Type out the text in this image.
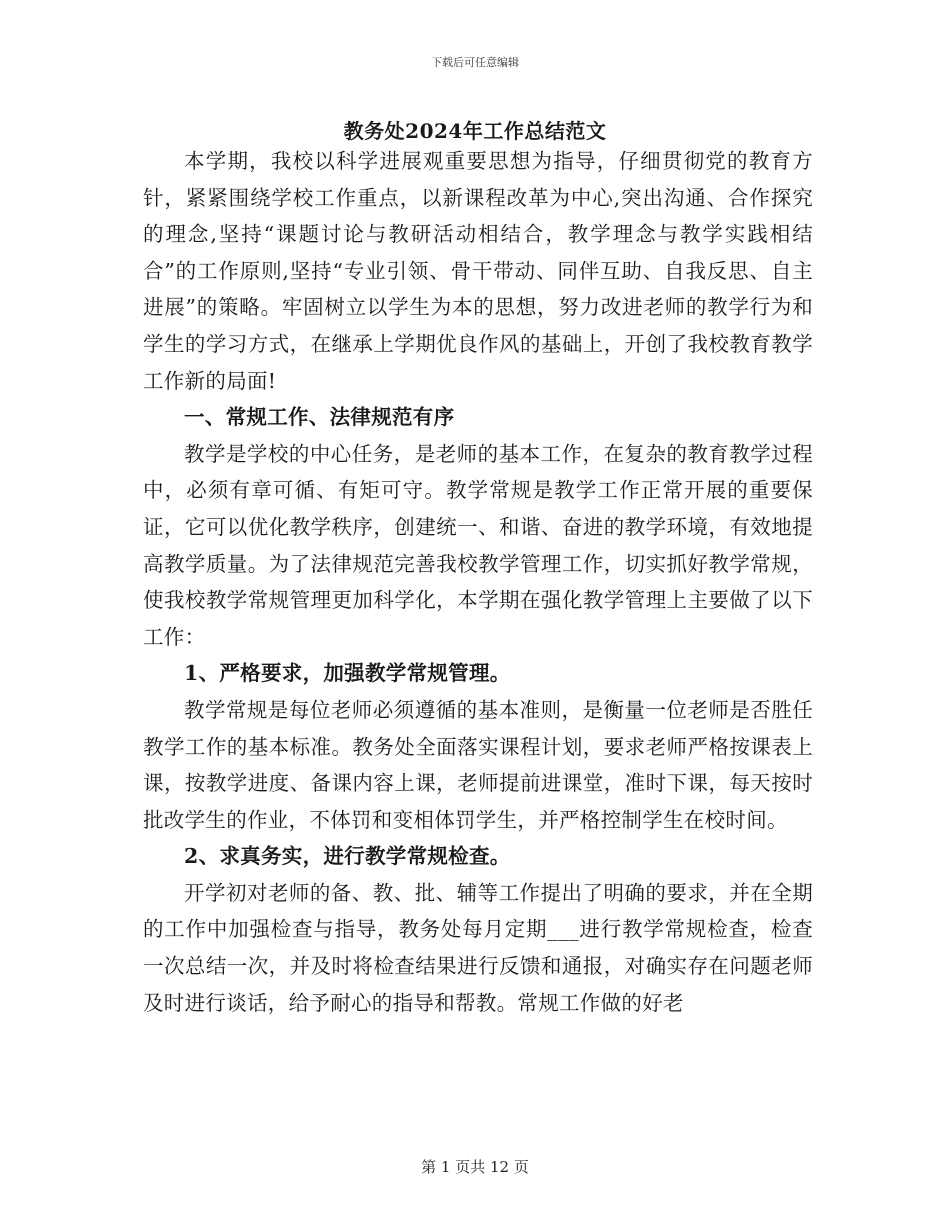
下载后可任意编辑
教务处2024年工作总结范文

本学期，我校以科学进展观重要思想为指导，仔细贯彻党的教育方针，紧紧围绕学校工作重点，以新课程改革为中心,突出沟通、合作探究的理念,坚持“课题讨论与教研活动相结合，教学理念与教学实践相结合”的工作原则,坚持“专业引领、骨干带动、同伴互助、自我反思、自主进展”的策略。牢固树立以学生为本的思想，努力改进老师的教学行为和学生的学习方式，在继承上学期优良作风的基础上，开创了我校教育教学工作新的局面!

一、常规工作、法律规范有序

教学是学校的中心任务，是老师的基本工作，在复杂的教育教学过程中，必须有章可循、有矩可守。教学常规是教学工作正常开展的重要保证，它可以优化教学秩序，创建统一、和谐、奋进的教学环境，有效地提高教学质量。为了法律规范完善我校教学管理工作，切实抓好教学常规，使我校教学常规管理更加科学化，本学期在强化教学管理上主要做了以下工作：

1、严格要求，加强教学常规管理。

教学常规是每位老师必须遵循的基本准则，是衡量一位老师是否胜任教学工作的基本标准。教务处全面落实课程计划，要求老师严格按课表上课，按教学进度、备课内容上课，老师提前进课堂，准时下课，每天按时批改学生的作业，不体罚和变相体罚学生，并严格控制学生在校时间。

2、求真务实，进行教学常规检查。

开学初对老师的备、教、批、辅等工作提出了明确的要求，并在全期的工作中加强检查与指导，教务处每月定期___进行教学常规检查，检查一次总结一次，并及时将检查结果进行反馈和通报，对确实存在问题老师及时进行谈话，给予耐心的指导和帮教。常规工作做的好老

第 1 页共 12 页
